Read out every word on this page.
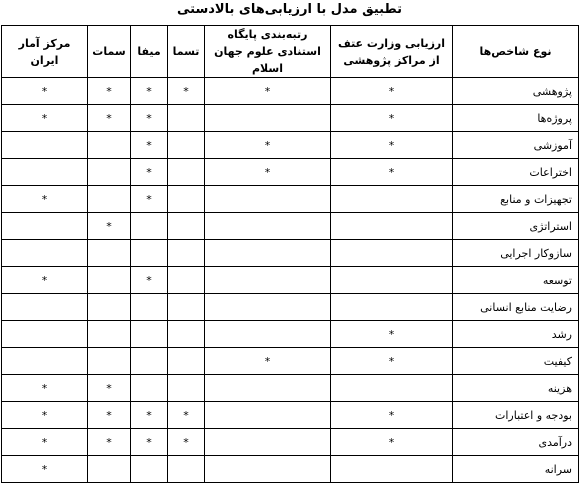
تطبیق مدل با ارزیابی‌های بالادستی
نوع شاخص‌ها	ارزیابی وزارت عتف از مراکز پژوهشی	رتبه‌بندی پایگاه استنادی علوم جهان اسلام	تسما	میفا	سمات	مرکز آمار ایران
پژوهشی	*	*	*	*	*	*
پروژه‌ها	*			*	*	*
آموزشی	*	*		*		
اختراعات	*	*		*		
تجهیزات و منابع				*		*
استراتژی					*	
سازوکار اجرایی						
توسعه				*		*
رضایت منابع انسانی						
رشد	*					
کیفیت	*	*				
هزینه					*	*
بودجه و اعتبارات	*		*	*	*	*
درآمدی	*		*	*	*	*
سرانه						*
